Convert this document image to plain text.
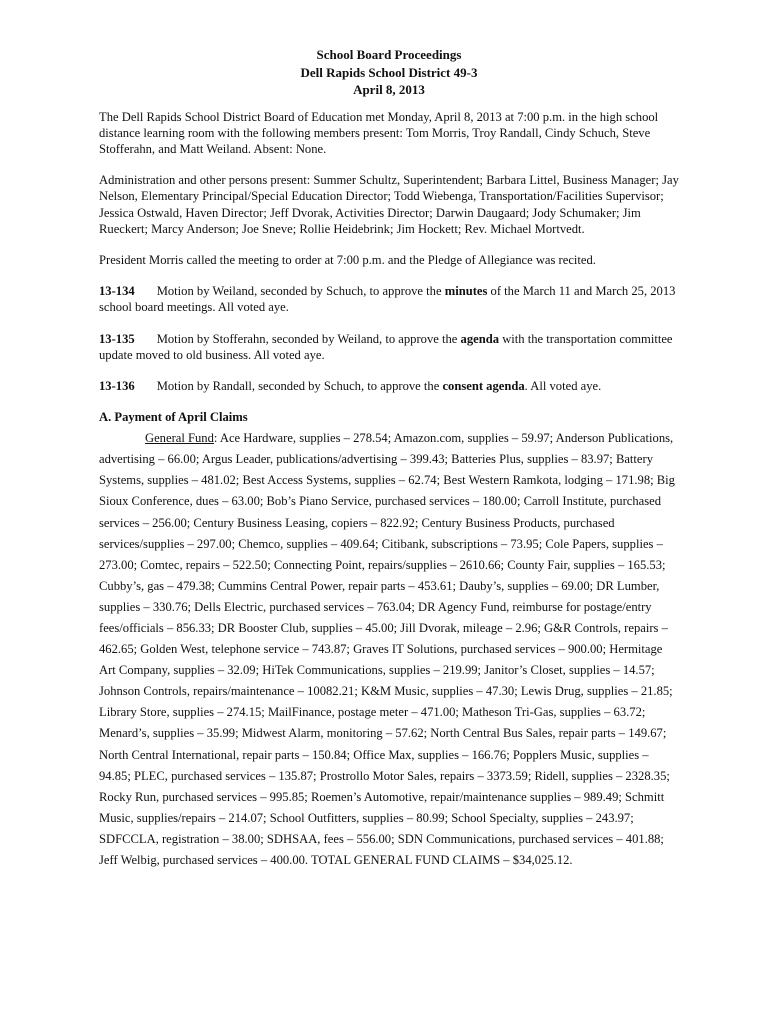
School Board Proceedings
Dell Rapids School District 49-3
April 8, 2013

The Dell Rapids School District Board of Education met Monday, April 8, 2013 at 7:00 p.m. in the high school distance learning room with the following members present: Tom Morris, Troy Randall, Cindy Schuch, Steve Stofferahn, and Matt Weiland. Absent: None.

Administration and other persons present: Summer Schultz, Superintendent; Barbara Littel, Business Manager; Jay Nelson, Elementary Principal/Special Education Director; Todd Wiebenga, Transportation/Facilities Supervisor; Jessica Ostwald, Haven Director; Jeff Dvorak, Activities Director; Darwin Daugaard; Jody Schumaker; Jim Rueckert; Marcy Anderson; Joe Sneve; Rollie Heidebrink; Jim Hockett; Rev. Michael Mortvedt.

President Morris called the meeting to order at 7:00 p.m. and the Pledge of Allegiance was recited.

13-134 Motion by Weiland, seconded by Schuch, to approve the minutes of the March 11 and March 25, 2013 school board meetings. All voted aye.

13-135 Motion by Stofferahn, seconded by Weiland, to approve the agenda with the transportation committee update moved to old business. All voted aye.

13-136 Motion by Randall, seconded by Schuch, to approve the consent agenda. All voted aye.

A. Payment of April Claims

General Fund: Ace Hardware, supplies – 278.54; Amazon.com, supplies – 59.97; Anderson Publications, advertising – 66.00; Argus Leader, publications/advertising – 399.43; Batteries Plus, supplies – 83.97; Battery Systems, supplies – 481.02; Best Access Systems, supplies – 62.74; Best Western Ramkota, lodging – 171.98; Big Sioux Conference, dues – 63.00; Bob’s Piano Service, purchased services – 180.00; Carroll Institute, purchased services – 256.00; Century Business Leasing, copiers – 822.92; Century Business Products, purchased services/supplies – 297.00; Chemco, supplies – 409.64; Citibank, subscriptions – 73.95; Cole Papers, supplies – 273.00; Comtec, repairs – 522.50; Connecting Point, repairs/supplies – 2610.66; County Fair, supplies – 165.53; Cubby’s, gas – 479.38; Cummins Central Power, repair parts – 453.61; Dauby’s, supplies – 69.00; DR Lumber, supplies – 330.76; Dells Electric, purchased services – 763.04; DR Agency Fund, reimburse for postage/entry fees/officials – 856.33; DR Booster Club, supplies – 45.00; Jill Dvorak, mileage – 2.96; G&R Controls, repairs – 462.65; Golden West, telephone service – 743.87; Graves IT Solutions, purchased services – 900.00; Hermitage Art Company, supplies – 32.09; HiTek Communications, supplies – 219.99; Janitor’s Closet, supplies – 14.57; Johnson Controls, repairs/maintenance – 10082.21; K&M Music, supplies – 47.30; Lewis Drug, supplies – 21.85; Library Store, supplies – 274.15; MailFinance, postage meter – 471.00; Matheson Tri-Gas, supplies – 63.72; Menard’s, supplies – 35.99; Midwest Alarm, monitoring – 57.62; North Central Bus Sales, repair parts – 149.67; North Central International, repair parts – 150.84; Office Max, supplies – 166.76; Popplers Music, supplies – 94.85; PLEC, purchased services – 135.87; Prostrollo Motor Sales, repairs – 3373.59; Ridell, supplies – 2328.35; Rocky Run, purchased services – 995.85; Roemen’s Automotive, repair/maintenance supplies – 989.49; Schmitt Music, supplies/repairs – 214.07; School Outfitters, supplies – 80.99; School Specialty, supplies – 243.97; SDFCCLA, registration – 38.00; SDHSAA, fees – 556.00; SDN Communications, purchased services – 401.88; Jeff Welbig, purchased services – 400.00. TOTAL GENERAL FUND CLAIMS – $34,025.12.
